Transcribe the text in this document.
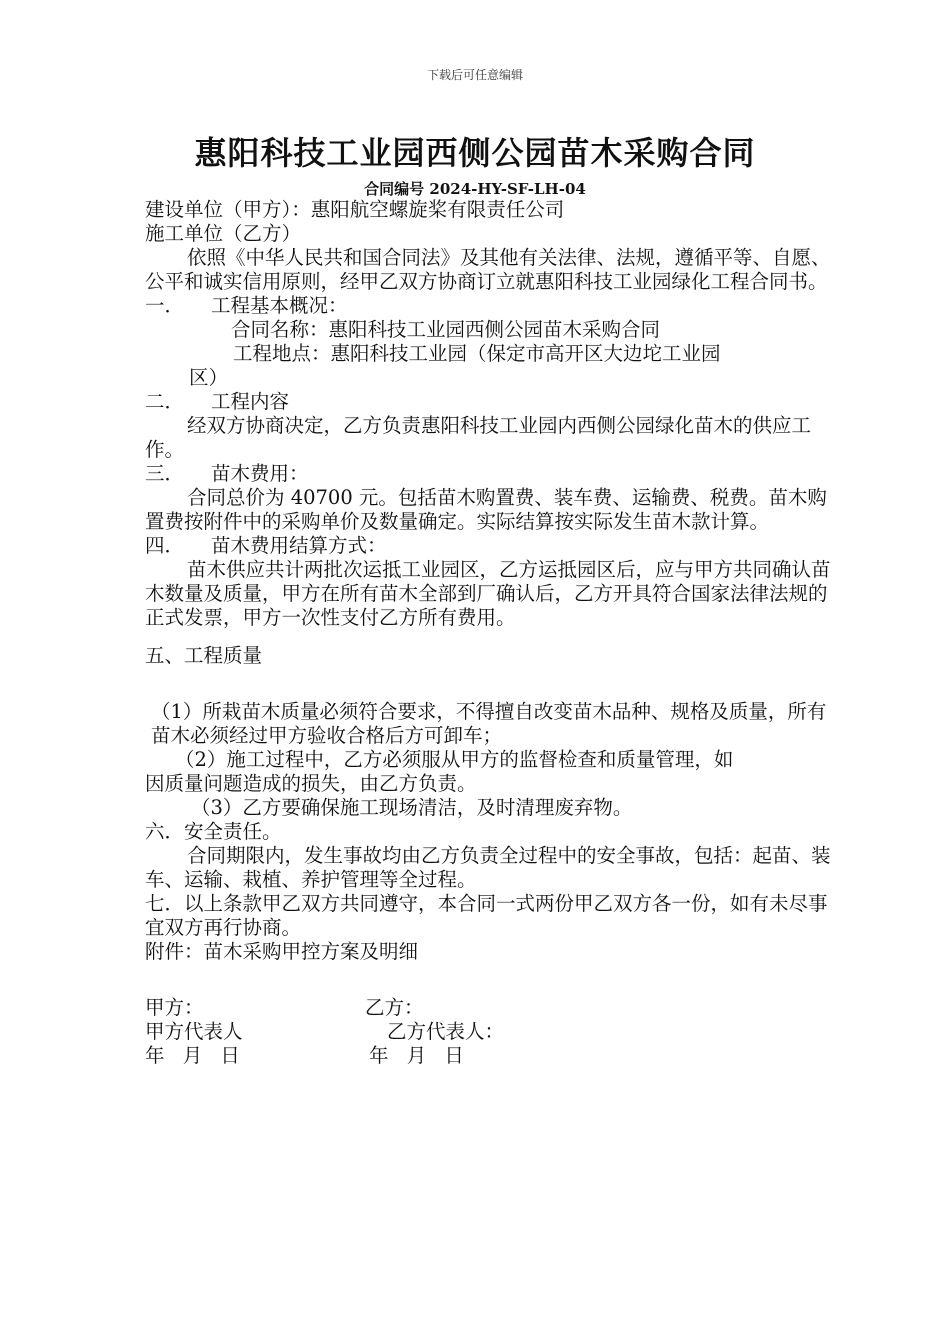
下载后可任意编辑
惠阳科技工业园西侧公园苗木采购合同
合同编号 2024-HY-SF-LH-04

建设单位（甲方）：惠阳航空螺旋桨有限责任公司

施工单位（乙方）

依照《中华人民共和国合同法》及其他有关法律、法规，遵循平等、自愿、公平和诚实信用原则，经甲乙双方协商订立就惠阳科技工业园绿化工程合同书。

一．	工程基本概况：

合同名称：惠阳科技工业园西侧公园苗木采购合同

工程地点：惠阳科技工业园（保定市高开区大边坨工业园

区）

二．	工程内容

经双方协商决定，乙方负责惠阳科技工业园内西侧公园绿化苗木的供应工作。

三．	苗木费用：

合同总价为 40700 元。包括苗木购置费、装车费、运输费、税费。苗木购置费按附件中的采购单价及数量确定。实际结算按实际发生苗木款计算。

四．	苗木费用结算方式：

苗木供应共计两批次运抵工业园区，乙方运抵园区后，应与甲方共同确认苗木数量及质量，甲方在所有苗木全部到厂确认后，乙方开具符合国家法律法规的正式发票，甲方一次性支付乙方所有费用。

五、工程质量

（1）所栽苗木质量必须符合要求，不得擅自改变苗木品种、规格及质量，所有苗木必须经过甲方验收合格后方可卸车；

（2）施工过程中，乙方必须服从甲方的监督检查和质量管理，如

因质量问题造成的损失，由乙方负责。

（3）乙方要确保施工现场清洁，及时清理废弃物。

六．安全责任。

合同期限内，发生事故均由乙方负责全过程中的安全事故，包括：起苗、装车、运输、栽植、养护管理等全过程。

七．以上条款甲乙双方共同遵守，本合同一式两份甲乙双方各一份，如有未尽事宜双方再行协商。

附件：苗木采购甲控方案及明细

甲方：	乙方：
甲方代表人	乙方代表人：
年 月 日	年 月 日
